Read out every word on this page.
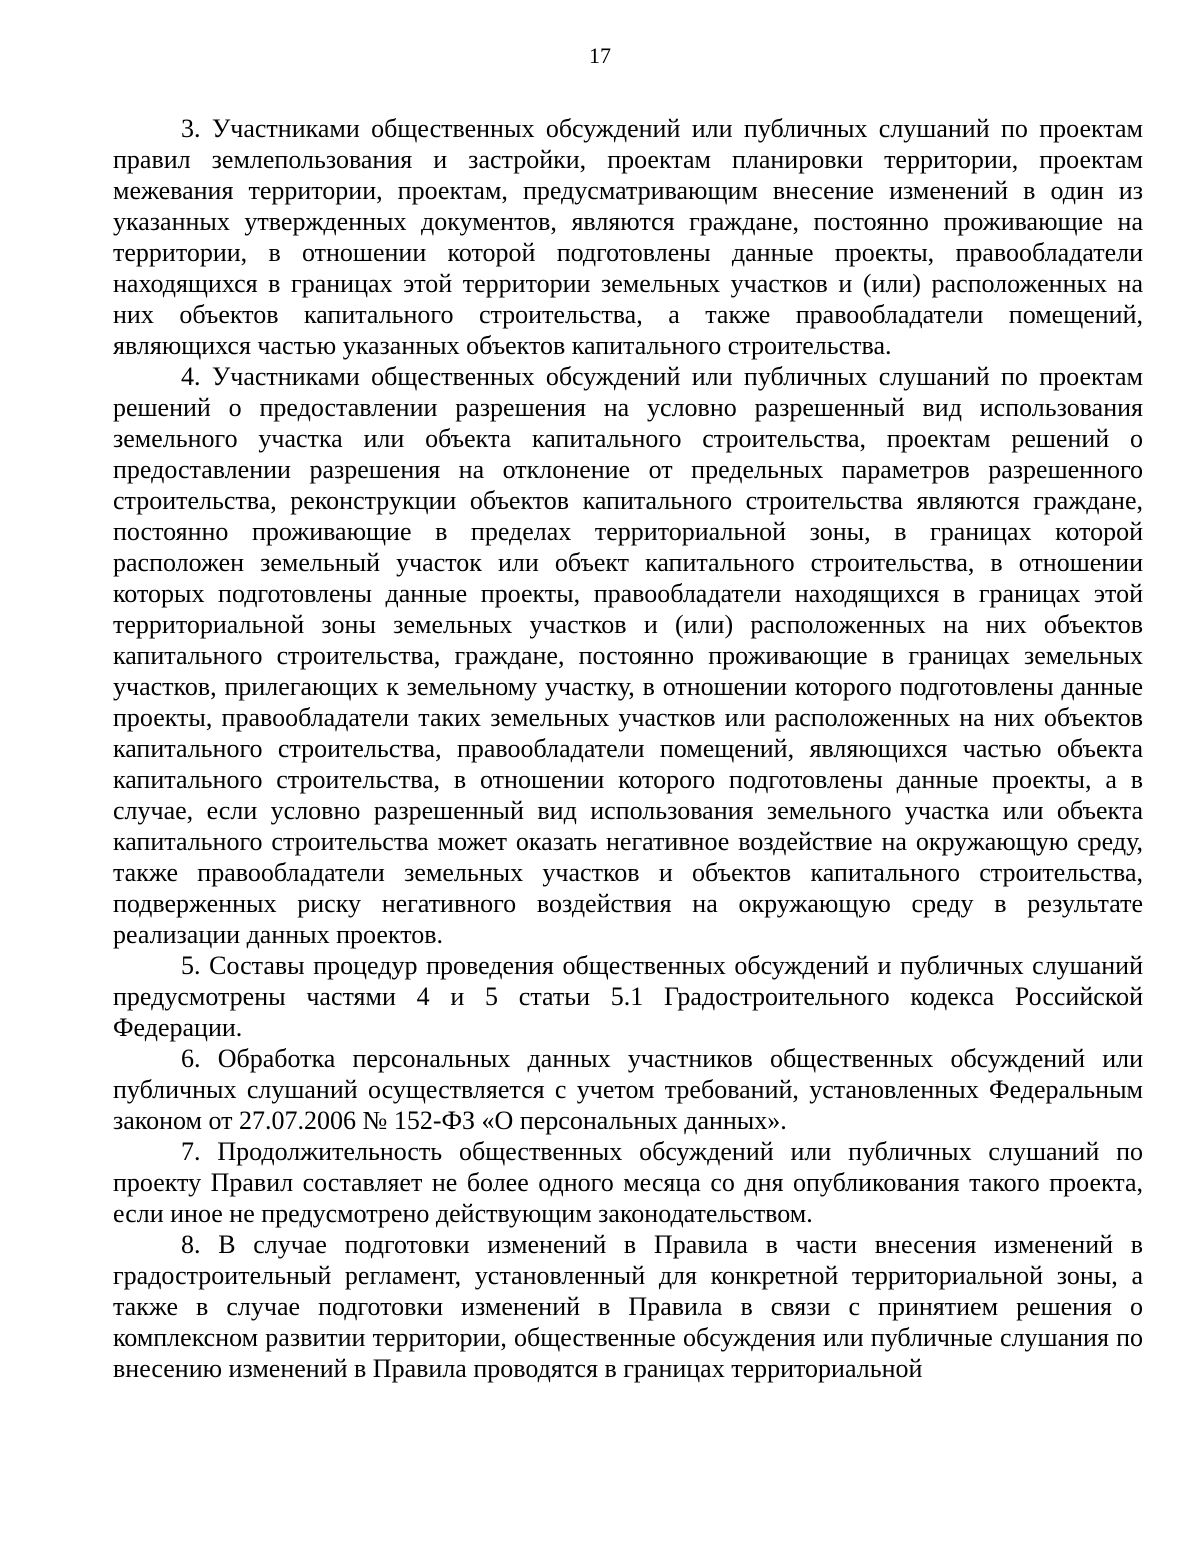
17

3. Участниками общественных обсуждений или публичных слушаний по проектам правил землепользования и застройки, проектам планировки территории, проектам межевания территории, проектам, предусматривающим внесение изменений в один из указанных утвержденных документов, являются граждане, постоянно проживающие на территории, в отношении которой подготовлены данные проекты, правообладатели находящихся в границах этой территории земельных участков и (или) расположенных на них объектов капитального строительства, а также правообладатели помещений, являющихся частью указанных объектов капитального строительства.

4. Участниками общественных обсуждений или публичных слушаний по проектам решений о предоставлении разрешения на условно разрешенный вид использования земельного участка или объекта капитального строительства, проектам решений о предоставлении разрешения на отклонение от предельных параметров разрешенного строительства, реконструкции объектов капитального строительства являются граждане, постоянно проживающие в пределах территориальной зоны, в границах которой расположен земельный участок или объект капитального строительства, в отношении которых подготовлены данные проекты, правообладатели находящихся в границах этой территориальной зоны земельных участков и (или) расположенных на них объектов капитального строительства, граждане, постоянно проживающие в границах земельных участков, прилегающих к земельному участку, в отношении которого подготовлены данные проекты, правообладатели таких земельных участков или расположенных на них объектов капитального строительства, правообладатели помещений, являющихся частью объекта капитального строительства, в отношении которого подготовлены данные проекты, а в случае, если условно разрешенный вид использования земельного участка или объекта капитального строительства может оказать негативное воздействие на окружающую среду, также правообладатели земельных участков и объектов капитального строительства, подверженных риску негативного воздействия на окружающую среду в результате реализации данных проектов.

5. Составы процедур проведения общественных обсуждений и публичных слушаний предусмотрены частями 4 и 5 статьи 5.1 Градостроительного кодекса Российской Федерации.

6. Обработка персональных данных участников общественных обсуждений или публичных слушаний осуществляется с учетом требований, установленных Федеральным законом от 27.07.2006 № 152-ФЗ «О персональных данных».

7. Продолжительность общественных обсуждений или публичных слушаний по проекту Правил составляет не более одного месяца со дня опубликования такого проекта, если иное не предусмотрено действующим законодательством.

8. В случае подготовки изменений в Правила в части внесения изменений в градостроительный регламент, установленный для конкретной территориальной зоны, а также в случае подготовки изменений в Правила в связи с принятием решения о комплексном развитии территории, общественные обсуждения или публичные слушания по внесению изменений в Правила проводятся в границах территориальной
